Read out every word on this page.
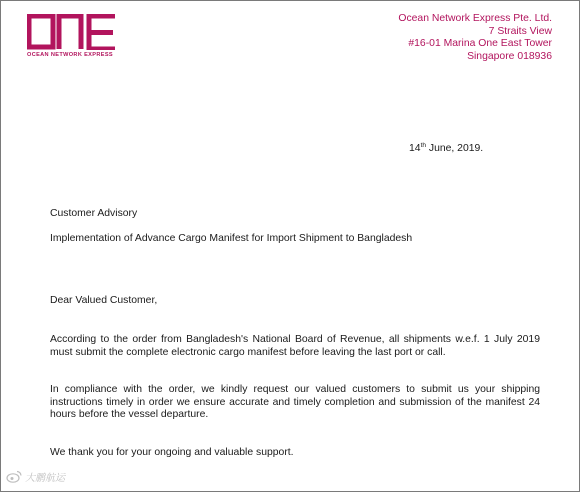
OCEAN NETWORK EXPRESS
Ocean Network Express Pte. Ltd.
7 Straits View
#16-01 Marina One East Tower
Singapore 018936
14th June, 2019.
Customer Advisory
Implementation of Advance Cargo Manifest for Import Shipment to Bangladesh
Dear Valued Customer,
According to the order from Bangladesh's National Board of Revenue, all shipments w.e.f. 1 July 2019 must submit the complete electronic cargo manifest before leaving the last port or call.
In compliance with the order, we kindly request our valued customers to submit us your shipping instructions timely in order we ensure accurate and timely completion and submission of the manifest 24 hours before the vessel departure.
We thank you for your ongoing and valuable support.
大鹏航运
